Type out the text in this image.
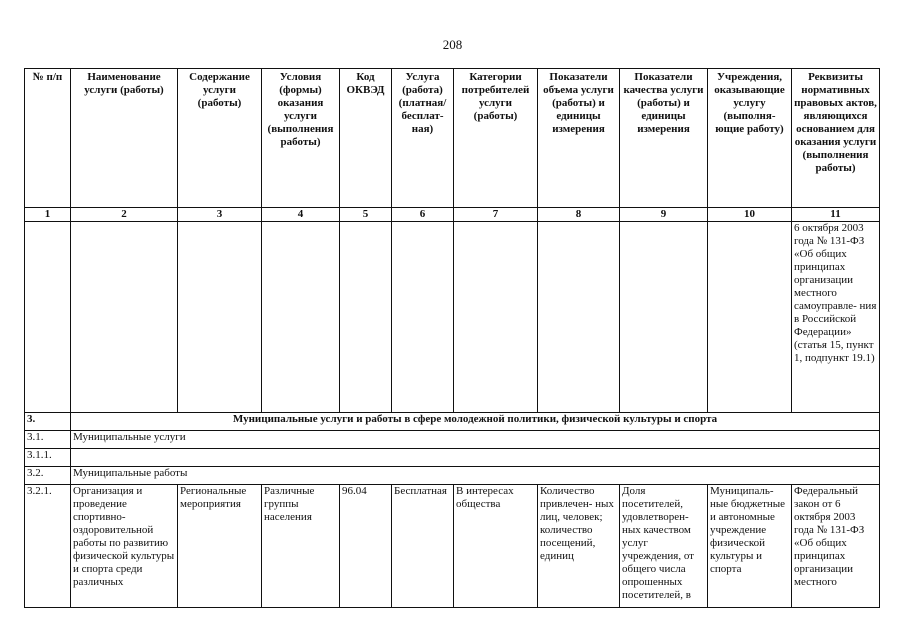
208
№ п/п	Наименование услуги (работы)	Содержание услуги (работы)	Условия (формы) оказания услуги (выполнения работы)	Код ОКВЭД	Услуга (работа) (платная/ бесплат- ная)	Категории потребителей услуги (работы)	Показатели объема услуги (работы) и единицы измерения	Показатели качества услуги (работы) и единицы измерения	Учреждения, оказывающие услугу (выполня- ющие работу)	Реквизиты нормативных правовых актов, являющихся основанием для оказания услуги (выполнения работы)
1	2	3	4	5	6	7	8	9	10	11
										6 октября 2003 года № 131-ФЗ «Об общих принципах организации местного самоуправле- ния в Российской Федерации» (статья 15, пункт 1, подпункт 19.1)
3.	Муниципальные услуги и работы в сфере молодежной политики, физической культуры и спорта									
3.1.	Муниципальные услуги									
3.1.1.										
3.2.	Муниципальные работы									
3.2.1.	Организация и проведение спортивно- оздоровительной работы по развитию физической культуры и спорта среди различных	Региональные мероприятия	Различные группы населения	96.04	Бесплатная	В интересах общества	Количество привлечен- ных лиц, человек; количество посещений, единиц	Доля посетителей, удовлетворен- ных качеством услуг учреждения, от общего числа опрошенных посетителей, в	Муниципаль- ные бюджетные и автономные учреждение физической культуры и спорта	Федеральный закон от 6 октября 2003 года № 131-ФЗ «Об общих принципах организации местного
